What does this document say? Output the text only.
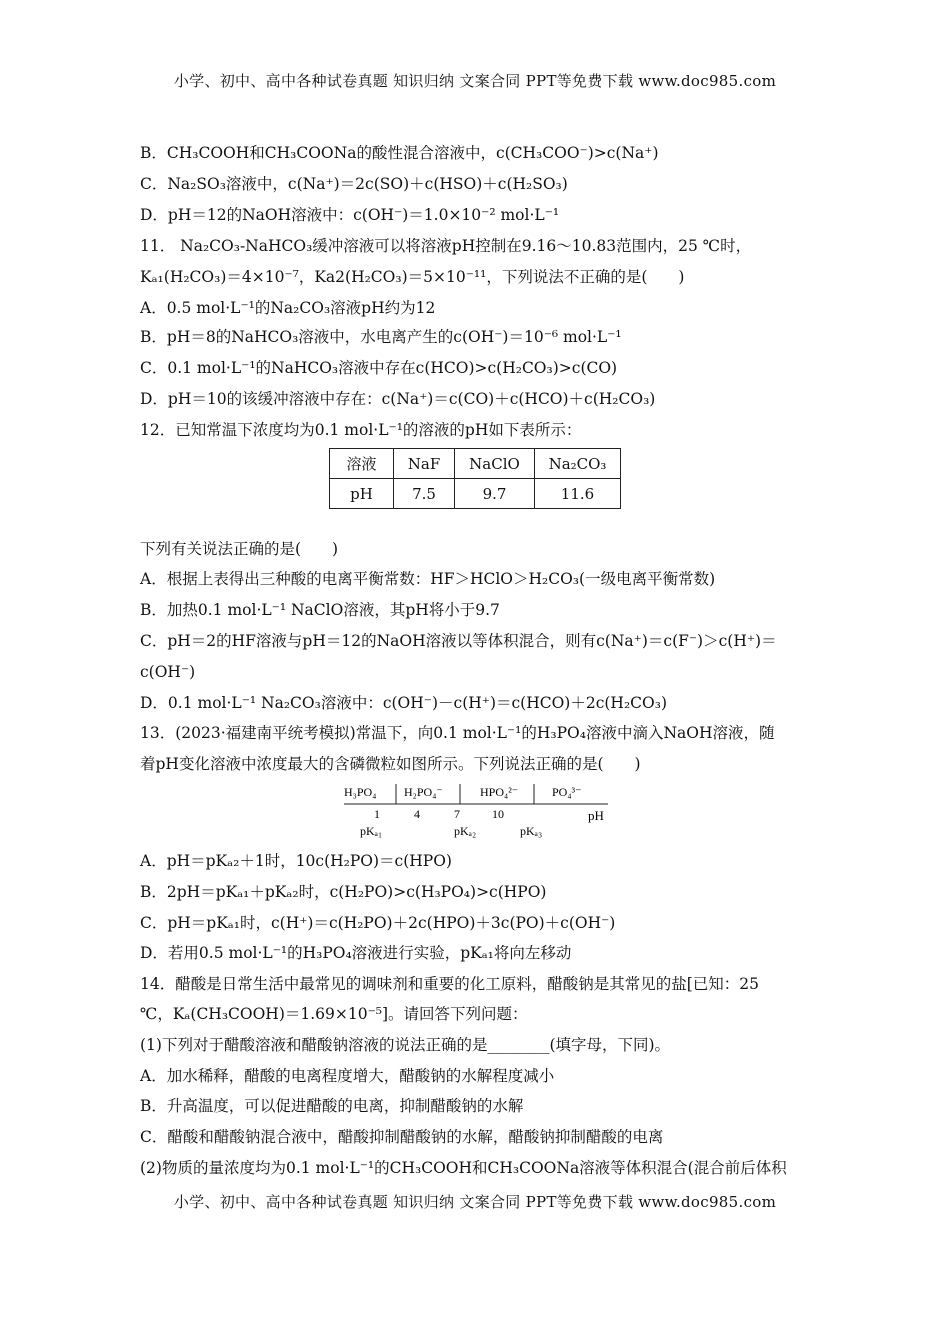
小学、初中、高中各种试卷真题 知识归纳 文案合同 PPT等免费下载 www.doc985.com
B．CH₃COOH和CH₃COONa的酸性混合溶液中，c(CH₃COO⁻)>c(Na⁺)
C．Na₂SO₃溶液中，c(Na⁺)＝2c(SO)＋c(HSO)＋c(H₂SO₃)
D．pH＝12的NaOH溶液中：c(OH⁻)＝1.0×10⁻² mol·L⁻¹
11． Na₂CO₃-NaHCO₃缓冲溶液可以将溶液pH控制在9.16～10.83范围内，25 ℃时，
Kₐ₁(H₂CO₃)＝4×10⁻⁷，Ka2(H₂CO₃)＝5×10⁻¹¹，下列说法不正确的是(　　)
A．0.5 mol·L⁻¹的Na₂CO₃溶液pH约为12
B．pH＝8的NaHCO₃溶液中，水电离产生的c(OH⁻)＝10⁻⁶ mol·L⁻¹
C．0.1 mol·L⁻¹的NaHCO₃溶液中存在c(HCO)>c(H₂CO₃)>c(CO)
D．pH＝10的该缓冲溶液中存在：c(Na⁺)＝c(CO)＋c(HCO)＋c(H₂CO₃)
12．已知常温下浓度均为0.1 mol·L⁻¹的溶液的pH如下表所示：
溶液	NaF	NaClO	Na₂CO₃
pH	7.5	9.7	11.6
下列有关说法正确的是(　　)
A．根据上表得出三种酸的电离平衡常数：HF＞HClO＞H₂CO₃(一级电离平衡常数)
B．加热0.1 mol·L⁻¹ NaClO溶液，其pH将小于9.7
C．pH＝2的HF溶液与pH＝12的NaOH溶液以等体积混合，则有c(Na⁺)＝c(F⁻)＞c(H⁺)＝
c(OH⁻)
D．0.1 mol·L⁻¹ Na₂CO₃溶液中：c(OH⁻)－c(H⁺)＝c(HCO)＋2c(H₂CO₃)
13．(2023·福建南平统考模拟)常温下，向0.1 mol·L⁻¹的H₃PO₄溶液中滴入NaOH溶液，随
着pH变化溶液中浓度最大的含磷微粒如图所示。下列说法正确的是(　　)
H₃PO₄ H₂PO₄⁻	HPO₄²⁻	PO₄³⁻
1	4	7	10
pKₐ₁	pKₐ₂	pKₐ₃
pH
A．pH＝pKₐ₂＋1时，10c(H₂PO)＝c(HPO)
B．2pH＝pKₐ₁＋pKₐ₂时，c(H₂PO)>c(H₃PO₄)>c(HPO)
C．pH＝pKₐ₁时，c(H⁺)＝c(H₂PO)＋2c(HPO)＋3c(PO)＋c(OH⁻)
D．若用0.5 mol·L⁻¹的H₃PO₄溶液进行实验，pKₐ₁将向左移动
14．醋酸是日常生活中最常见的调味剂和重要的化工原料，醋酸钠是其常见的盐[已知：25
℃，Kₐ(CH₃COOH)＝1.69×10⁻⁵]。请回答下列问题：
(1)下列对于醋酸溶液和醋酸钠溶液的说法正确的是________(填字母，下同)。
A．加水稀释，醋酸的电离程度增大，醋酸钠的水解程度减小
B．升高温度，可以促进醋酸的电离，抑制醋酸钠的水解
C．醋酸和醋酸钠混合液中，醋酸抑制醋酸钠的水解，醋酸钠抑制醋酸的电离
(2)物质的量浓度均为0.1 mol·L⁻¹的CH₃COOH和CH₃COONa溶液等体积混合(混合前后体积
小学、初中、高中各种试卷真题 知识归纳 文案合同 PPT等免费下载 www.doc985.com
